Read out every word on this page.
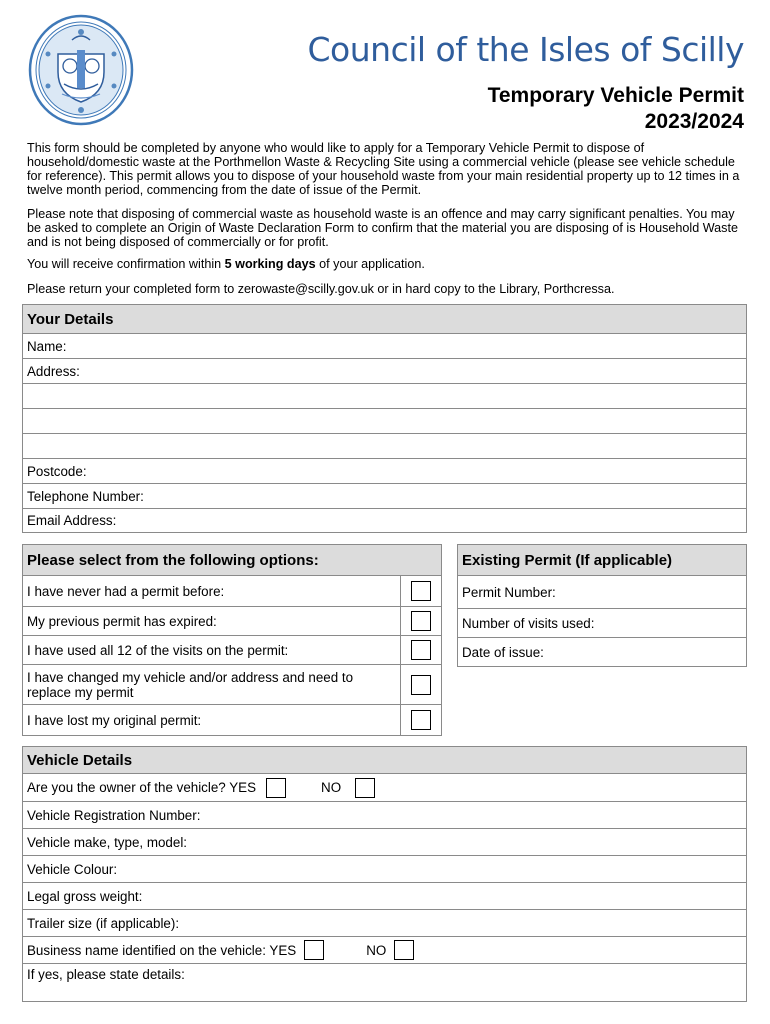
Council of the Isles of Scilly
Temporary Vehicle Permit
2023/2024
This form should be completed by anyone who would like to apply for a Temporary Vehicle Permit to dispose of household/domestic waste at the Porthmellon Waste & Recycling Site using a commercial vehicle (please see vehicle schedule for reference). This permit allows you to dispose of your household waste from your main residential property up to 12 times in a twelve month period, commencing from the date of issue of the Permit.
Please note that disposing of commercial waste as household waste is an offence and may carry significant penalties. You may be asked to complete an Origin of Waste Declaration Form to confirm that the material you are disposing of is Household Waste and is not being disposed of commercially or for profit.
You will receive confirmation within 5 working days of your application.
Please return your completed form to zerowaste@scilly.gov.uk or in hard copy to the Library, Porthcressa.
Your Details
Name:
Address:
Postcode:
Telephone Number:
Email Address:
Please select from the following options:
I have never had a permit before:
My previous permit has expired:
I have used all 12 of the visits on the permit:
I have changed my vehicle and/or address and need to replace my permit
I have lost my original permit:
Existing Permit (If applicable)
Permit Number:
Number of visits used:
Date of issue:
Vehicle Details
Are you the owner of the vehicle? YES	NO
Vehicle Registration Number:
Vehicle make, type, model:
Vehicle Colour:
Legal gross weight:
Trailer size (if applicable):
Business name identified on the vehicle: YES	NO
If yes, please state details:
